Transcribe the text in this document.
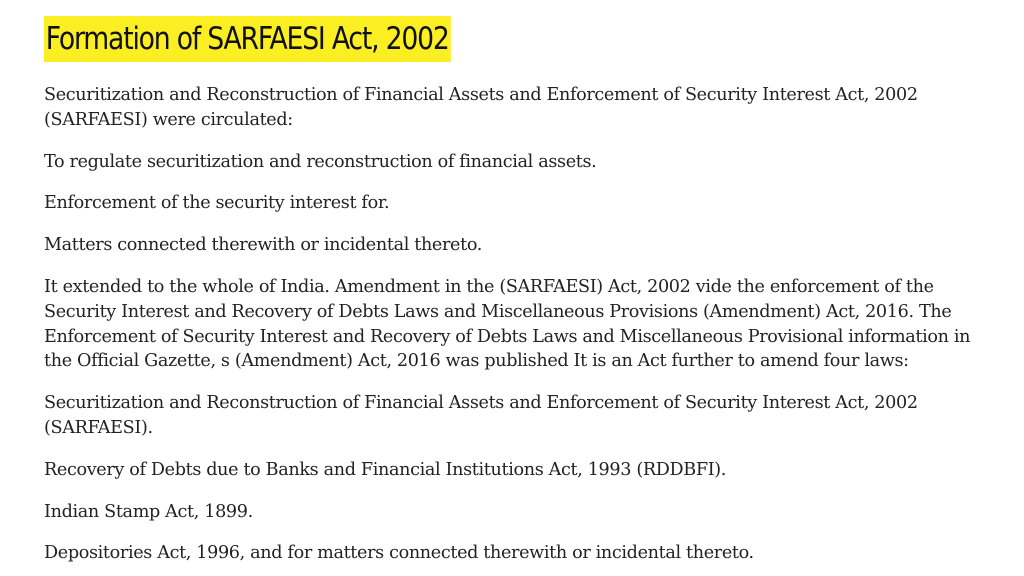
Formation of SARFAESI Act, 2002

Securitization and Reconstruction of Financial Assets and Enforcement of Security Interest Act, 2002 (SARFAESI) were circulated:

To regulate securitization and reconstruction of financial assets.

Enforcement of the security interest for.

Matters connected therewith or incidental thereto.

It extended to the whole of India. Amendment in the (SARFAESI) Act, 2002 vide the enforcement of the Security Interest and Recovery of Debts Laws and Miscellaneous Provisions (Amendment) Act, 2016. The Enforcement of Security Interest and Recovery of Debts Laws and Miscellaneous Provisional information in the Official Gazette, s (Amendment) Act, 2016 was published It is an Act further to amend four laws:

Securitization and Reconstruction of Financial Assets and Enforcement of Security Interest Act, 2002 (SARFAESI).

Recovery of Debts due to Banks and Financial Institutions Act, 1993 (RDDBFI).

Indian Stamp Act, 1899.

Depositories Act, 1996, and for matters connected therewith or incidental thereto.
